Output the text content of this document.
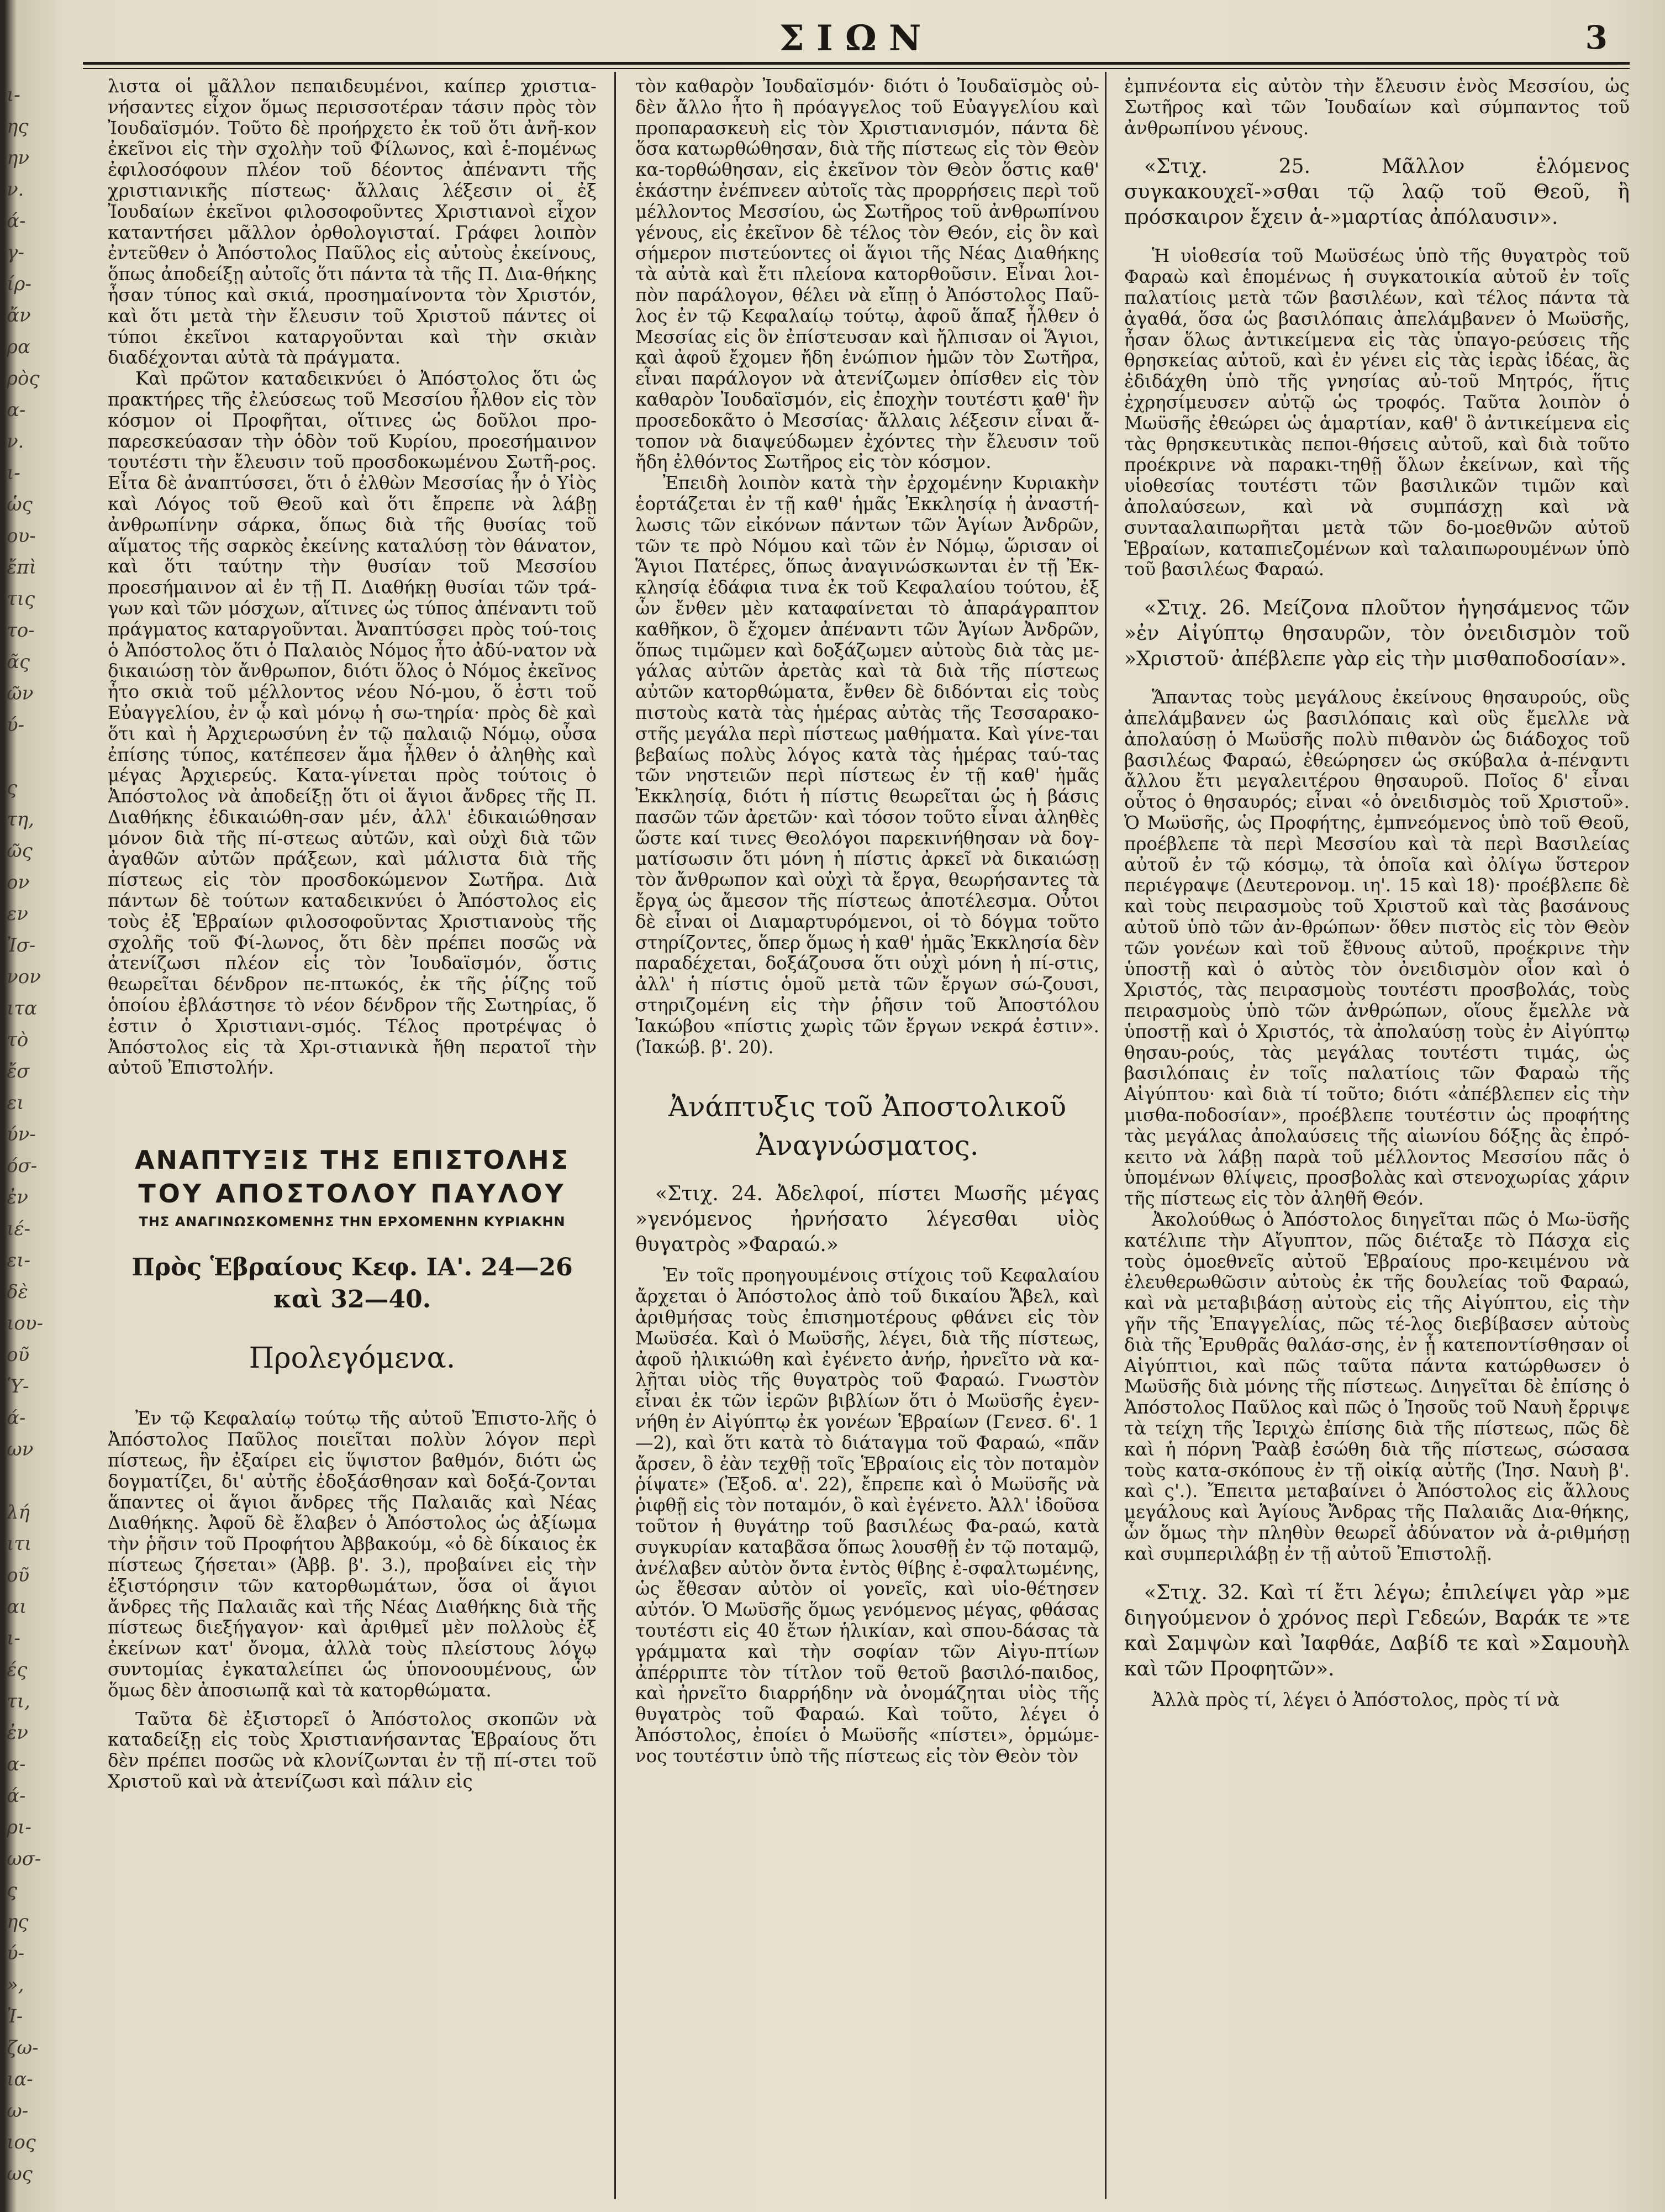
ι-
ης
ην
ν.
ά-
γ-
ίρ-
ἄν
ρα
ρὸς
α-
ν.
ι-
ὡς
ου-
ἔπὶ
τις
το-
ᾶς
ῶν
ύ-
ς
τη,
ῶς
ον
εν
Ἰσ-
νον
ιτα
τὸ
ἔσ
ει
ύν-
όσ-
ἐν
ιέ-
ει-
δὲ
ιου-
οῦ
Ὑ-
ά-
ων
λή
ιτι
οῦ
αι
ι-
ές
τι,
ἐν
α-
ά-
ρι-
ωσ-
ς
ης
ύ-
»,
Ἰ-
ζω-
ια-
ω-
ιος
ως
ΣΙΩΝ	3

λιστα οἱ μᾶλλον πεπαιδευμένοι, καίπερ χριστια-νήσαντες εἶχον ὅμως περισσοτέραν τάσιν πρὸς τὸν Ἰουδαϊσμόν. Τοῦτο δὲ προήρχετο ἐκ τοῦ ὅτι ἀνῆ-κον ἐκεῖνοι εἰς τὴν σχολὴν τοῦ Φίλωνος, καὶ ἑ-πομένως ἐφιλοσόφουν πλέον τοῦ δέοντος ἀπέναντι τῆς χριστιανικῆς πίστεως· ἄλλαις λέξεσιν οἱ ἐξ Ἰουδαίων ἐκεῖνοι φιλοσοφοῦντες Χριστιανοὶ εἶχον καταντήσει μᾶλλον ὀρθολογισταί. Γράφει λοιπὸν ἐντεῦθεν ὁ Ἀπόστολος Παῦλος εἰς αὐτοὺς ἐκείνους, ὅπως ἀποδείξῃ αὐτοῖς ὅτι πάντα τὰ τῆς Π. Δια-θήκης ἦσαν τύπος καὶ σκιά, προσημαίνοντα τὸν Χριστόν, καὶ ὅτι μετὰ τὴν ἔλευσιν τοῦ Χριστοῦ πάντες οἱ τύποι ἐκεῖνοι καταργοῦνται καὶ τὴν σκιὰν διαδέχονται αὐτὰ τὰ πράγματα.

Καὶ πρῶτον καταδεικνύει ὁ Ἀπόστολος ὅτι ὡς πρακτήρες τῆς ἐλεύσεως τοῦ Μεσσίου ἦλθον εἰς τὸν κόσμον οἱ Προφῆται, οἵτινες ὡς δοῦλοι προ-παρεσκεύασαν τὴν ὁδὸν τοῦ Κυρίου, προεσήμαινον τουτέστι τὴν ἔλευσιν τοῦ προσδοκωμένου Σωτῆ-ρος. Εἶτα δὲ ἀναπτύσσει, ὅτι ὁ ἐλθὼν Μεσσίας ἦν ὁ Υἱὸς καὶ Λόγος τοῦ Θεοῦ καὶ ὅτι ἔπρεπε νὰ λάβῃ ἀνθρωπίνην σάρκα, ὅπως διὰ τῆς θυσίας τοῦ αἵματος τῆς σαρκὸς ἐκείνης καταλύσῃ τὸν θάνατον, καὶ ὅτι ταύτην τὴν θυσίαν τοῦ Μεσσίου προεσήμαινον αἱ ἐν τῇ Π. Διαθήκῃ θυσίαι τῶν τρά-γων καὶ τῶν μόσχων, αἵτινες ὡς τύπος ἀπέναντι τοῦ πράγματος καταργοῦνται. Ἀναπτύσσει πρὸς τού-τοις ὁ Ἀπόστολος ὅτι ὁ Παλαιὸς Νόμος ἦτο ἀδύ-νατον νὰ δικαιώσῃ τὸν ἄνθρωπον, διότι ὅλος ὁ Νόμος ἐκεῖνος ἦτο σκιὰ τοῦ μέλλοντος νέου Νό-μου, ὅ ἐστι τοῦ Εὐαγγελίου, ἐν ᾧ καὶ μόνῳ ἡ σω-τηρία· πρὸς δὲ καὶ ὅτι καὶ ἡ Ἀρχιερωσύνη ἐν τῷ παλαιῷ Νόμῳ, οὖσα ἐπίσης τύπος, κατέπεσεν ἅμα ἦλθεν ὁ ἀληθὴς καὶ μέγας Ἀρχιερεύς. Κατα-γίνεται πρὸς τούτοις ὁ Ἀπόστολος νὰ ἀποδείξῃ ὅτι οἱ ἅγιοι ἄνδρες τῆς Π. Διαθήκης ἐδικαιώθη-σαν μέν, ἀλλ' ἐδικαιώθησαν μόνον διὰ τῆς πί-στεως αὐτῶν, καὶ οὐχὶ διὰ τῶν ἀγαθῶν αὐτῶν πράξεων, καὶ μάλιστα διὰ τῆς πίστεως εἰς τὸν προσδοκώμενον Σωτῆρα. Διὰ πάντων δὲ τούτων καταδεικνύει ὁ Ἀπόστολος εἰς τοὺς ἐξ Ἑβραίων φιλοσοφοῦντας Χριστιανοὺς τῆς σχολῆς τοῦ Φί-λωνος, ὅτι δὲν πρέπει ποσῶς νὰ ἀτενίζωσι πλέον εἰς τὸν Ἰουδαϊσμόν, ὅστις θεωρεῖται δένδρον πε-πτωκός, ἐκ τῆς ῥίζης τοῦ ὁποίου ἐβλάστησε τὸ νέον δένδρον τῆς Σωτηρίας, ὅ ἐστιν ὁ Χριστιανι-σμός. Τέλος προτρέψας ὁ Ἀπόστολος εἰς τὰ Χρι-στιανικὰ ἤθη περατοῖ τὴν αὐτοῦ Ἐπιστολήν.

ΑΝΑΠΤΥΞΙΣ ΤΗΣ ΕΠΙΣΤΟΛΗΣ

ΤΟΥ ΑΠΟΣΤΟΛΟΥ ΠΑΥΛΟΥ

ΤΗΣ ΑΝΑΓΙΝΩΣΚΟΜΕΝΗΣ ΤΗΝ ΕΡΧΟΜΕΝΗΝ ΚΥΡΙΑΚΗΝ

Πρὸς Ἑβραίους Κεφ. ΙΑ'. 24—26

καὶ 32—40.

Προλεγόμενα.

Ἐν τῷ Κεφαλαίῳ τούτῳ τῆς αὐτοῦ Ἐπιστο-λῆς ὁ Ἀπόστολος Παῦλος ποιεῖται πολὺν λόγον περὶ πίστεως, ἣν ἐξαίρει εἰς ὕψιστον βαθμόν, διότι ὡς δογματίζει, δι' αὐτῆς ἐδοξάσθησαν καὶ δοξά-ζονται ἅπαντες οἱ ἅγιοι ἄνδρες τῆς Παλαιᾶς καὶ Νέας Διαθήκης. Ἀφοῦ δὲ ἔλαβεν ὁ Ἀπόστολος ὡς ἀξίωμα τὴν ῥῆσιν τοῦ Προφήτου Ἀββακούμ, «ὁ δὲ δίκαιος ἐκ πίστεως ζήσεται» (Ἀββ. β'. 3.), προβαίνει εἰς τὴν ἐξιστόρησιν τῶν κατορθωμάτων, ὅσα οἱ ἅγιοι ἄνδρες τῆς Παλαιᾶς καὶ τῆς Νέας Διαθήκης διὰ τῆς πίστεως διεξήγαγον· καὶ ἀριθμεῖ μὲν πολλοὺς ἐξ ἐκείνων κατ' ὄνομα, ἀλλὰ τοὺς πλείστους λόγῳ συντομίας ἐγκαταλείπει ὡς ὑπονοουμένους, ὧν ὅμως δὲν ἀποσιωπᾷ καὶ τὰ κατορθώματα.

Ταῦτα δὲ ἐξιστορεῖ ὁ Ἀπόστολος σκοπῶν νὰ καταδείξῃ εἰς τοὺς Χριστιανήσαντας Ἑβραίους ὅτι δὲν πρέπει ποσῶς νὰ κλονίζωνται ἐν τῇ πί-στει τοῦ Χριστοῦ καὶ νὰ ἀτενίζωσι καὶ πάλιν εἰς

τὸν καθαρὸν Ἰουδαϊσμόν· διότι ὁ Ἰουδαϊσμὸς οὐ-δὲν ἄλλο ἦτο ἢ πρόαγγελος τοῦ Εὐαγγελίου καὶ προπαρασκευὴ εἰς τὸν Χριστιανισμόν, πάντα δὲ ὅσα κατωρθώθησαν, διὰ τῆς πίστεως εἰς τὸν Θεὸν κα-τορθώθησαν, εἰς ἐκεῖνον τὸν Θεὸν ὅστις καθ' ἑκάστην ἐνέπνεεν αὐτοῖς τὰς προρρήσεις περὶ τοῦ μέλλοντος Μεσσίου, ὡς Σωτῆρος τοῦ ἀνθρωπίνου γένους, εἰς ἐκεῖνον δὲ τέλος τὸν Θεόν, εἰς ὃν καὶ σήμερον πιστεύοντες οἱ ἅγιοι τῆς Νέας Διαθήκης τὰ αὐτὰ καὶ ἔτι πλείονα κατορθοῦσιν. Εἶναι λοι-πὸν παράλογον, θέλει νὰ εἴπῃ ὁ Ἀπόστολος Παῦ-λος ἐν τῷ Κεφαλαίῳ τούτῳ, ἀφοῦ ἅπαξ ἦλθεν ὁ Μεσσίας εἰς ὃν ἐπίστευσαν καὶ ἤλπισαν οἱ Ἅγιοι, καὶ ἀφοῦ ἔχομεν ἤδη ἐνώπιον ἡμῶν τὸν Σωτῆρα, εἶναι παράλογον νὰ ἀτενίζωμεν ὀπίσθεν εἰς τὸν καθαρὸν Ἰουδαϊσμόν, εἰς ἐποχὴν τουτέστι καθ' ἣν προσεδοκᾶτο ὁ Μεσσίας· ἄλλαις λέξεσιν εἶναι ἄ-τοπον νὰ διαψεύδωμεν ἐχόντες τὴν ἔλευσιν τοῦ ἤδη ἐλθόντος Σωτῆρος εἰς τὸν κόσμον.

Ἐπειδὴ λοιπὸν κατὰ τὴν ἐρχομένην Κυριακὴν ἑορτάζεται ἐν τῇ καθ' ἡμᾶς Ἐκκλησίᾳ ἡ ἀναστή-λωσις τῶν εἰκόνων πάντων τῶν Ἁγίων Ἀνδρῶν, τῶν τε πρὸ Νόμου καὶ τῶν ἐν Νόμῳ, ὥρισαν οἱ Ἅγιοι Πατέρες, ὅπως ἀναγινώσκωνται ἐν τῇ Ἐκ-κλησίᾳ ἐδάφια τινα ἐκ τοῦ Κεφαλαίου τούτου, ἐξ ὧν ἔνθεν μὲν καταφαίνεται τὸ ἀπαράγραπτον καθῆκον, ὃ ἔχομεν ἀπέναντι τῶν Ἁγίων Ἀνδρῶν, ὅπως τιμῶμεν καὶ δοξάζωμεν αὐτοὺς διὰ τὰς με-γάλας αὐτῶν ἀρετὰς καὶ τὰ διὰ τῆς πίστεως αὐτῶν κατορθώματα, ἔνθεν δὲ διδόνται εἰς τοὺς πιστοὺς κατὰ τὰς ἡμέρας αὐτὰς τῆς Τεσσαρακο-στῆς μεγάλα περὶ πίστεως μαθήματα. Καὶ γίνε-ται βεβαίως πολὺς λόγος κατὰ τὰς ἡμέρας ταύ-τας τῶν νηστειῶν περὶ πίστεως ἐν τῇ καθ' ἡμᾶς Ἐκκλησίᾳ, διότι ἡ πίστις θεωρεῖται ὡς ἡ βάσις πασῶν τῶν ἀρετῶν· καὶ τόσον τοῦτο εἶναι ἀληθὲς ὥστε καί τινες Θεολόγοι παρεκινήθησαν νὰ δογ-ματίσωσιν ὅτι μόνη ἡ πίστις ἀρκεῖ νὰ δικαιώσῃ τὸν ἄνθρωπον καὶ οὐχὶ τὰ ἔργα, θεωρήσαντες τὰ ἔργα ὡς ἄμεσον τῆς πίστεως ἀποτέλεσμα. Οὗτοι δὲ εἶναι οἱ Διαμαρτυρόμενοι, οἱ τὸ δόγμα τοῦτο στηρίζοντες, ὅπερ ὅμως ἡ καθ' ἡμᾶς Ἐκκλησία δὲν παραδέχεται, δοξάζουσα ὅτι οὐχὶ μόνη ἡ πί-στις, ἀλλ' ἡ πίστις ὁμοῦ μετὰ τῶν ἔργων σώ-ζουσι, στηριζομένη εἰς τὴν ῥῆσιν τοῦ Ἀποστόλου Ἰακώβου «πίστις χωρὶς τῶν ἔργων νεκρά ἐστιν». (Ἰακώβ. β'. 20).

Ἀνάπτυξις τοῦ Ἀποστολικοῦ

Ἀναγνώσματος.

«Στιχ. 24. Ἀδελφοί, πίστει Μωσῆς μέγας »γενόμενος ἠρνήσατο λέγεσθαι υἱὸς θυγατρὸς »Φαραώ.»

Ἐν τοῖς προηγουμένοις στίχοις τοῦ Κεφαλαίου ἄρχεται ὁ Ἀπόστολος ἀπὸ τοῦ δικαίου Ἄβελ, καὶ ἀριθμήσας τοὺς ἐπισημοτέρους φθάνει εἰς τὸν Μωϋσέα. Καὶ ὁ Μωϋσῆς, λέγει, διὰ τῆς πίστεως, ἀφοῦ ἠλικιώθη καὶ ἐγένετο ἀνήρ, ἠρνεῖτο νὰ κα-λῆται υἱὸς τῆς θυγατρὸς τοῦ Φαραώ. Γνωστὸν εἶναι ἐκ τῶν ἱερῶν βιβλίων ὅτι ὁ Μωϋσῆς ἐγεν-νήθη ἐν Αἰγύπτῳ ἐκ γονέων Ἑβραίων (Γενεσ. 6'. 1—2), καὶ ὅτι κατὰ τὸ διάταγμα τοῦ Φαραώ, «πᾶν ἄρσεν, ὃ ἐὰν τεχθῇ τοῖς Ἑβραίοις εἰς τὸν ποταμὸν ῥίψατε» (Ἐξοδ. α'. 22), ἔπρεπε καὶ ὁ Μωϋσῆς νὰ ῥιφθῇ εἰς τὸν ποταμόν, ὃ καὶ ἐγένετο. Ἀλλ' ἰδοῦσα τοῦτον ἡ θυγάτηρ τοῦ βασιλέως Φα-ραώ, κατὰ συγκυρίαν καταβᾶσα ὅπως λουσθῇ ἐν τῷ ποταμῷ, ἀνέλαβεν αὐτὸν ὄντα ἐντὸς θίβης ἐ-σφαλτωμένης, ὡς ἔθεσαν αὐτὸν οἱ γονεῖς, καὶ υἱο-θέτησεν αὐτόν. Ὁ Μωϋσῆς ὅμως γενόμενος μέγας, φθάσας τουτέστι εἰς 40 ἔτων ἡλικίαν, καὶ σπου-δάσας τὰ γράμματα καὶ τὴν σοφίαν τῶν Αἰγυ-πτίων ἀπέρριπτε τὸν τίτλον τοῦ θετοῦ βασιλό-παιδος, καὶ ἠρνεῖτο διαρρήδην νὰ ὀνομάζηται υἱὸς τῆς θυγατρὸς τοῦ Φαραώ. Καὶ τοῦτο, λέγει ὁ Ἀπόστολος, ἐποίει ὁ Μωϋσῆς «πίστει», ὁρμώμε-νος τουτέστιν ὑπὸ τῆς πίστεως εἰς τὸν Θεὸν τὸν

ἐμπνέοντα εἰς αὐτὸν τὴν ἔλευσιν ἑνὸς Μεσσίου, ὡς Σωτῆρος καὶ τῶν Ἰουδαίων καὶ σύμπαντος τοῦ ἀνθρωπίνου γένους.

«Στιχ. 25. Μᾶλλον ἑλόμενος συγκακουχεῖ-»σθαι τῷ λαῷ τοῦ Θεοῦ, ἢ πρόσκαιρον ἔχειν ἁ-»μαρτίας ἀπόλαυσιν».

Ἡ υἱοθεσία τοῦ Μωϋσέως ὑπὸ τῆς θυγατρὸς τοῦ Φαραὼ καὶ ἑπομένως ἡ συγκατοικία αὐτοῦ ἐν τοῖς παλατίοις μετὰ τῶν βασιλέων, καὶ τέλος πάντα τὰ ἀγαθά, ὅσα ὡς βασιλόπαις ἀπελάμβανεν ὁ Μωϋσῆς, ἦσαν ὅλως ἀντικείμενα εἰς τὰς ὑπαγο-ρεύσεις τῆς θρησκείας αὐτοῦ, καὶ ἐν γένει εἰς τὰς ἱερὰς ἰδέας, ἃς ἐδιδάχθη ὑπὸ τῆς γνησίας αὐ-τοῦ Μητρός, ἥτις ἐχρησίμευσεν αὐτῷ ὡς τροφός. Ταῦτα λοιπὸν ὁ Μωϋσῆς ἐθεώρει ὡς ἁμαρτίαν, καθ' ὃ ἀντικείμενα εἰς τὰς θρησκευτικὰς πεποι-θήσεις αὐτοῦ, καὶ διὰ τοῦτο προέκρινε νὰ παρακι-τηθῇ ὅλων ἐκείνων, καὶ τῆς υἱοθεσίας τουτέστι τῶν βασιλικῶν τιμῶν καὶ ἀπολαύσεων, καὶ νὰ συμπάσχῃ καὶ νὰ συντααλαιπωρῆται μετὰ τῶν δο-μοεθνῶν αὐτοῦ Ἑβραίων, καταπιεζομένων καὶ ταλαιπωρουμένων ὑπὸ τοῦ βασιλέως Φαραώ.

«Στιχ. 26. Μείζονα πλοῦτον ἡγησάμενος τῶν »ἐν Αἰγύπτῳ θησαυρῶν, τὸν ὀνειδισμὸν τοῦ »Χριστοῦ· ἀπέβλεπε γὰρ εἰς τὴν μισθαποδοσίαν».

Ἅπαντας τοὺς μεγάλους ἐκείνους θησαυρούς, οὓς ἀπελάμβανεν ὡς βασιλόπαις καὶ οὓς ἔμελλε νὰ ἀπολαύσῃ ὁ Μωϋσῆς πολὺ πιθανὸν ὡς διάδοχος τοῦ βασιλέως Φαραώ, ἐθεώρησεν ὡς σκύβαλα ἀ-πέναντι ἄλλου ἔτι μεγαλειτέρου θησαυροῦ. Ποῖος δ' εἶναι οὗτος ὁ θησαυρός; εἶναι «ὁ ὀνειδισμὸς τοῦ Χριστοῦ». Ὁ Μωϋσῆς, ὡς Προφήτης, ἐμπνεόμενος ὑπὸ τοῦ Θεοῦ, προέβλεπε τὰ περὶ Μεσσίου καὶ τὰ περὶ Βασιλείας αὐτοῦ ἐν τῷ κόσμῳ, τὰ ὁποῖα καὶ ὀλίγω ὕστερον περιέγραψε (Δευτερονομ. ιη'. 15 καὶ 18)· προέβλεπε δὲ καὶ τοὺς πειρασμοὺς τοῦ Χριστοῦ καὶ τὰς βασάνους αὐτοῦ ὑπὸ τῶν ἀν-θρώπων· ὅθεν πιστὸς εἰς τὸν Θεὸν τῶν γονέων καὶ τοῦ ἔθνους αὐτοῦ, προέκρινε τὴν ὑποστῇ καὶ ὁ αὐτὸς τὸν ὀνειδισμὸν οἷον καὶ ὁ Χριστός, τὰς πειρασμοὺς τουτέστι προσβολάς, τοὺς πειρασμοὺς ὑπὸ τῶν ἀνθρώπων, οἵους ἔμελλε νὰ ὑποστῇ καὶ ὁ Χριστός, τὰ ἀπολαύσῃ τοὺς ἐν Αἰγύπτῳ θησαυ-ρούς, τὰς μεγάλας τουτέστι τιμάς, ὡς βασιλόπαις ἐν τοῖς παλατίοις τῶν Φαραὼ τῆς Αἰγύπτου· καὶ διὰ τί τοῦτο; διότι «ἀπέβλεπεν εἰς τὴν μισθα-ποδοσίαν», προέβλεπε τουτέστιν ὡς προφήτης τὰς μεγάλας ἀπολαύσεις τῆς αἰωνίου δόξης ἃς ἐπρό-κειτο νὰ λάβῃ παρὰ τοῦ μέλλοντος Μεσσίου πᾶς ὁ ὑπομένων θλίψεις, προσβολὰς καὶ στενοχωρίας χάριν τῆς πίστεως εἰς τὸν ἀληθῆ Θεόν.

Ἀκολούθως ὁ Ἀπόστολος διηγεῖται πῶς ὁ Μω-ϋσῆς κατέλιπε τὴν Αἴγυπτον, πῶς διέταξε τὸ Πάσχα εἰς τοὺς ὁμοεθνεῖς αὐτοῦ Ἑβραίους προ-κειμένου νὰ ἐλευθερωθῶσιν αὐτοὺς ἐκ τῆς δουλείας τοῦ Φαραώ, καὶ νὰ μεταβιβάσῃ αὐτοὺς εἰς τῆς Αἰγύπτου, εἰς τὴν γῆν τῆς Ἐπαγγελίας, πῶς τέ-λος διεβίβασεν αὐτοὺς διὰ τῆς Ἐρυθρᾶς θαλάσ-σης, ἐν ᾗ κατεποντίσθησαν οἱ Αἰγύπτιοι, καὶ πῶς ταῦτα πάντα κατώρθωσεν ὁ Μωϋσῆς διὰ μόνης τῆς πίστεως. Διηγεῖται δὲ ἐπίσης ὁ Ἀπόστολος Παῦλος καὶ πῶς ὁ Ἰησοῦς τοῦ Ναυὴ ἔρριψε τὰ τείχη τῆς Ἰεριχὼ ἐπίσης διὰ τῆς πίστεως, πῶς δὲ καὶ ἡ πόρνη Ῥαὰβ ἐσώθη διὰ τῆς πίστεως, σώσασα τοὺς κατα-σκόπους ἐν τῇ οἰκίᾳ αὐτῆς (Ἰησ. Ναυὴ β'. καὶ ς'.). Ἔπειτα μεταβαίνει ὁ Ἀπόστολος εἰς ἄλλους μεγάλους καὶ Ἁγίους Ἄνδρας τῆς Παλαιᾶς Δια-θήκης, ὧν ὅμως τὴν πληθὺν θεωρεῖ ἀδύνατον νὰ ἀ-ριθμήσῃ καὶ συμπεριλάβῃ ἐν τῇ αὐτοῦ Ἐπιστολῇ.

«Στιχ. 32. Καὶ τί ἔτι λέγω; ἐπιλείψει γὰρ »με διηγούμενον ὁ χρόνος περὶ Γεδεών, Βαράκ τε »τε καὶ Σαμψὼν καὶ Ἰαφθάε, Δαβίδ τε καὶ »Σαμουὴλ καὶ τῶν Προφητῶν».

Ἀλλὰ πρὸς τί, λέγει ὁ Ἀπόστολος, πρὸς τί νὰ
